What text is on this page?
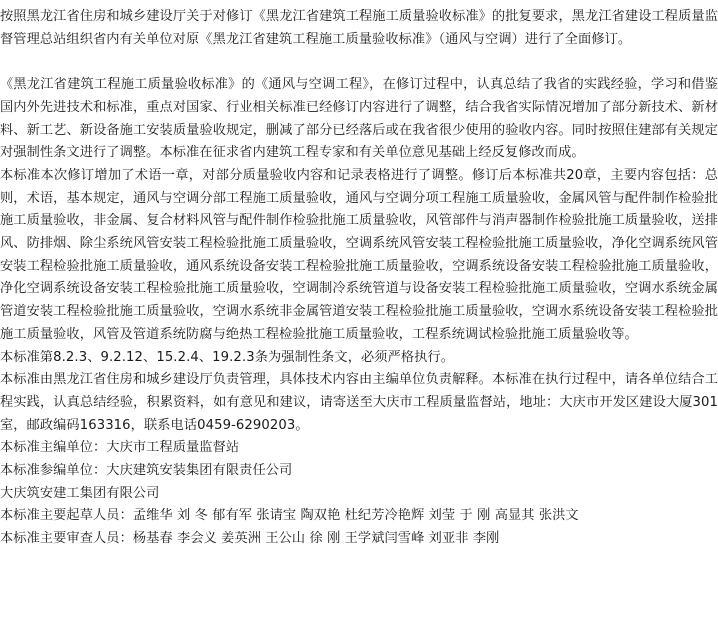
按照黑龙江省住房和城乡建设厅关于对修订《黑龙江省建筑工程施工质量验收标准》的批复要求，黑龙江省建设工程质量监督管理总站组织省内有关单位对原《黑龙江省建筑工程施工质量验收标准》（通风与空调）进行了全面修订。

《黑龙江省建筑工程施工质量验收标准》的《通风与空调工程》，在修订过程中，认真总结了我省的实践经验，学习和借鉴国内外先进技术和标准，重点对国家、行业相关标准已经修订内容进行了调整，结合我省实际情况增加了部分新技术、新材料、新工艺、新设备施工安装质量验收规定，删减了部分已经落后或在我省很少使用的验收内容。同时按照住建部有关规定对强制性条文进行了调整。本标准在征求省内建筑工程专家和有关单位意见基础上经反复修改而成。

本标准本次修订增加了术语一章，对部分质量验收内容和记录表格进行了调整。修订后本标准共20章，主要内容包括：总则，术语，基本规定，通风与空调分部工程施工质量验收，通风与空调分项工程施工质量验收，金属风管与配件制作检验批施工质量验收，非金属、复合材料风管与配件制作检验批施工质量验收，风管部件与消声器制作检验批施工质量验收，送排风、防排烟、除尘系统风管安装工程检验批施工质量验收，空调系统风管安装工程检验批施工质量验收，净化空调系统风管安装工程检验批施工质量验收，通风系统设备安装工程检验批施工质量验收，空调系统设备安装工程检验批施工质量验收，净化空调系统设备安装工程检验批施工质量验收，空调制冷系统管道与设备安装工程检验批施工质量验收，空调水系统金属管道安装工程检验批施工质量验收，空调水系统非金属管道安装工程检验批施工质量验收，空调水系统设备安装工程检验批施工质量验收，风管及管道系统防腐与绝热工程检验批施工质量验收，工程系统调试检验批施工质量验收等。

本标准第8.2.3、9.2.12、15.2.4、19.2.3条为强制性条文，必须严格执行。

本标准由黑龙江省住房和城乡建设厅负责管理，具体技术内容由主编单位负责解释。本标准在执行过程中，请各单位结合工程实践，认真总结经验，积累资料，如有意见和建议，请寄送至大庆市工程质量监督站，地址：大庆市开发区建设大厦301室，邮政编码163316，联系电话0459-6290203。

本标准主编单位：大庆市工程质量监督站

本标准参编单位：大庆建筑安装集团有限责任公司

大庆筑安建工集团有限公司

本标准主要起草人员：孟维华 刘 冬 郁有军 张请宝 陶双艳 杜纪芳冷艳辉 刘莹 于 刚 高显其 张洪文

本标准主要审查人员：杨基春 李会义 姜英洲 王公山 徐 刚 王学斌闫雪峰 刘亚非 李刚
